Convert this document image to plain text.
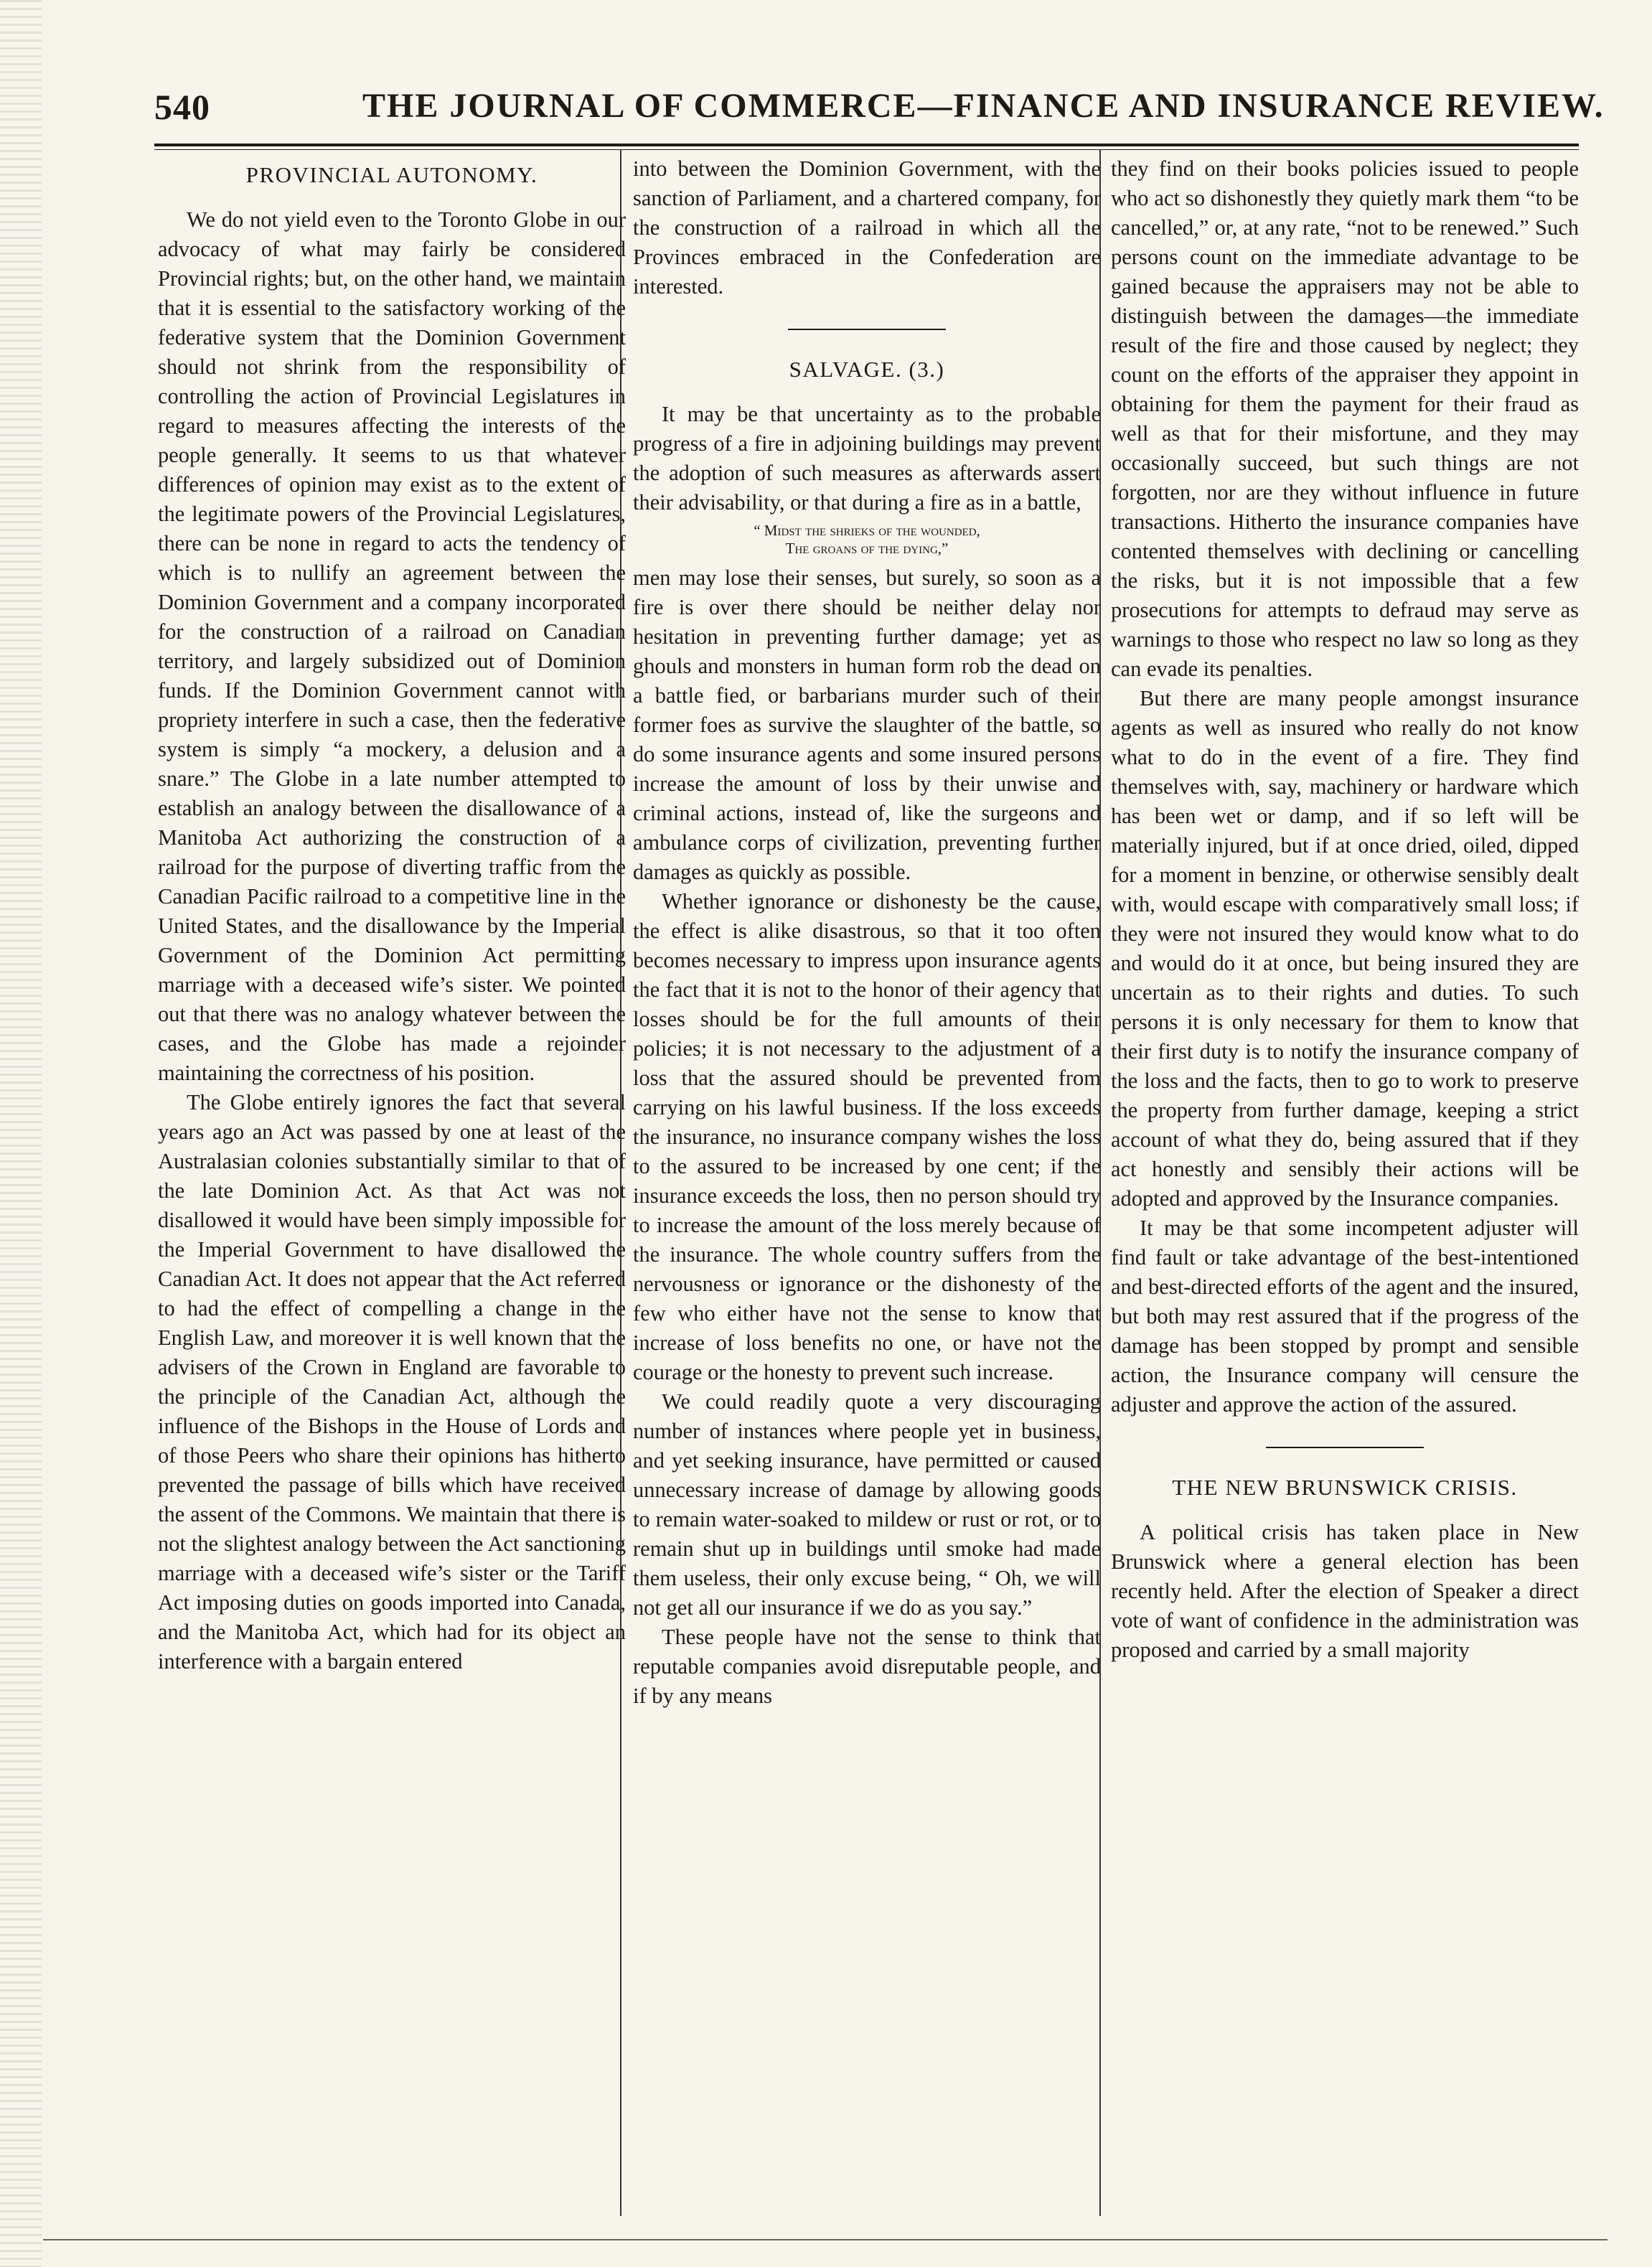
540	THE JOURNAL OF COMMERCE—FINANCE AND INSURANCE REVIEW.
PROVINCIAL AUTONOMY.

We do not yield even to the Toronto Globe in our advocacy of what may fairly be considered Provincial rights; but, on the other hand, we maintain that it is essential to the satisfactory working of the federative system that the Dominion Government should not shrink from the responsibility of controlling the action of Provincial Legislatures in regard to measures affecting the interests of the people generally. It seems to us that whatever differences of opinion may exist as to the extent of the legitimate powers of the Provincial Legislatures, there can be none in regard to acts the tendency of which is to nullify an agreement between the Dominion Government and a company incorporated for the construction of a railroad on Canadian territory, and largely subsidized out of Dominion funds. If the Dominion Government cannot with propriety interfere in such a case, then the federative system is simply “a mockery, a delusion and a snare.” The Globe in a late number attempted to establish an analogy between the disallowance of a Manitoba Act authorizing the construction of a railroad for the purpose of diverting traffic from the Canadian Pacific railroad to a competitive line in the United States, and the disallowance by the Imperial Government of the Dominion Act permitting marriage with a deceased wife’s sister. We pointed out that there was no analogy whatever between the cases, and the Globe has made a rejoinder maintaining the correctness of his position.

The Globe entirely ignores the fact that several years ago an Act was passed by one at least of the Australasian colonies substantially similar to that of the late Dominion Act. As that Act was not disallowed it would have been simply impossible for the Imperial Government to have disallowed the Canadian Act. It does not appear that the Act referred to had the effect of compelling a change in the English Law, and moreover it is well known that the advisers of the Crown in England are favorable to the principle of the Canadian Act, although the influence of the Bishops in the House of Lords and of those Peers who share their opinions has hitherto prevented the passage of bills which have received the assent of the Commons. We maintain that there is not the slightest analogy between the Act sanctioning marriage with a deceased wife’s sister or the Tariff Act imposing duties on goods imported into Canada, and the Manitoba Act, which had for its object an interference with a bargain entered

into between the Dominion Government, with the sanction of Parliament, and a chartered company, for the construction of a railroad in which all the Provinces embraced in the Confederation are interested.

SALVAGE. (3.)

It may be that uncertainty as to the probable progress of a fire in adjoining buildings may prevent the adoption of such measures as afterwards assert their advisability, or that during a fire as in a battle,

“ Midst the shrieks of the wounded,
The groans of the dying,”

men may lose their senses, but surely, so soon as a fire is over there should be neither delay nor hesitation in preventing further damage; yet as ghouls and monsters in human form rob the dead on a battle fied, or barbarians murder such of their former foes as survive the slaughter of the battle, so do some insurance agents and some insured persons increase the amount of loss by their unwise and criminal actions, instead of, like the surgeons and ambulance corps of civilization, preventing further damages as quickly as possible.

Whether ignorance or dishonesty be the cause, the effect is alike disastrous, so that it too often becomes necessary to impress upon insurance agents the fact that it is not to the honor of their agency that losses should be for the full amounts of their policies; it is not necessary to the adjustment of a loss that the assured should be prevented from carrying on his lawful business. If the loss exceeds the insurance, no insurance company wishes the loss to the assured to be increased by one cent; if the insurance exceeds the loss, then no person should try to increase the amount of the loss merely because of the insurance. The whole country suffers from the nervousness or ignorance or the dishonesty of the few who either have not the sense to know that increase of loss benefits no one, or have not the courage or the honesty to prevent such increase.

We could readily quote a very discouraging number of instances where people yet in business, and yet seeking insurance, have permitted or caused unnecessary increase of damage by allowing goods to remain water-soaked to mildew or rust or rot, or to remain shut up in buildings until smoke had made them useless, their only excuse being, “ Oh, we will not get all our insurance if we do as you say.”

These people have not the sense to think that reputable companies avoid disreputable people, and if by any means

they find on their books policies issued to people who act so dishonestly they quietly mark them “to be cancelled,” or, at any rate, “not to be renewed.” Such persons count on the immediate advantage to be gained because the appraisers may not be able to distinguish between the damages—the immediate result of the fire and those caused by neglect; they count on the efforts of the appraiser they appoint in obtaining for them the payment for their fraud as well as that for their misfortune, and they may occasionally succeed, but such things are not forgotten, nor are they without influence in future transactions. Hitherto the insurance companies have contented themselves with declining or cancelling the risks, but it is not impossible that a few prosecutions for attempts to defraud may serve as warnings to those who respect no law so long as they can evade its penalties.

But there are many people amongst insurance agents as well as insured who really do not know what to do in the event of a fire. They find themselves with, say, machinery or hardware which has been wet or damp, and if so left will be materially injured, but if at once dried, oiled, dipped for a moment in benzine, or otherwise sensibly dealt with, would escape with comparatively small loss; if they were not insured they would know what to do and would do it at once, but being insured they are uncertain as to their rights and duties. To such persons it is only necessary for them to know that their first duty is to notify the insurance company of the loss and the facts, then to go to work to preserve the property from further damage, keeping a strict account of what they do, being assured that if they act honestly and sensibly their actions will be adopted and approved by the Insurance companies.

It may be that some incompetent adjuster will find fault or take advantage of the best-intentioned and best-directed efforts of the agent and the insured, but both may rest assured that if the progress of the damage has been stopped by prompt and sensible action, the Insurance company will censure the adjuster and approve the action of the assured.

THE NEW BRUNSWICK CRISIS.

A political crisis has taken place in New Brunswick where a general election has been recently held. After the election of Speaker a direct vote of want of confidence in the administration was proposed and carried by a small majority
